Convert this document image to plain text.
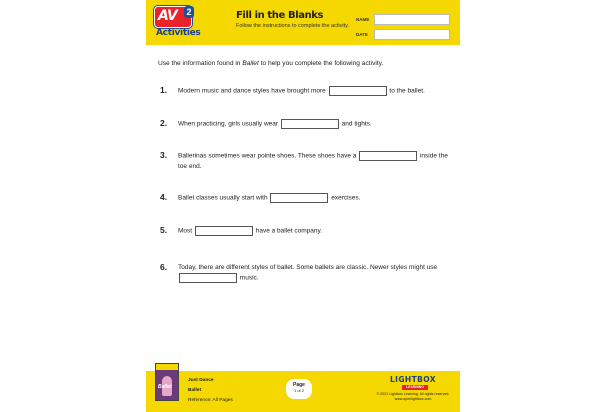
AV 2
Activities
Fill in the Blanks
Follow the instructions to complete the activity.
NAME
DATE
Use the information found in Ballet to help you complete the following activity.
1. Modern music and dance styles have brought more	to the ballet.
2. When practicing, girls usually wear	and tights.
3. Ballerinas sometimes wear pointe shoes. These shoes have a	inside the toe end.
4. Ballet classes usually start with	exercises.
5. Most	have a ballet company.
6. Today, there are different styles of ballet. Some ballets are classic. Newer styles might use  music.
Ballet
Just Dance
Ballet
Reference: All Pages
Page
1 of 2
LIGHTBOX
LEARNING
© 2021 Lightbox Learning. All rights reserved.
www.openlightbox.com
